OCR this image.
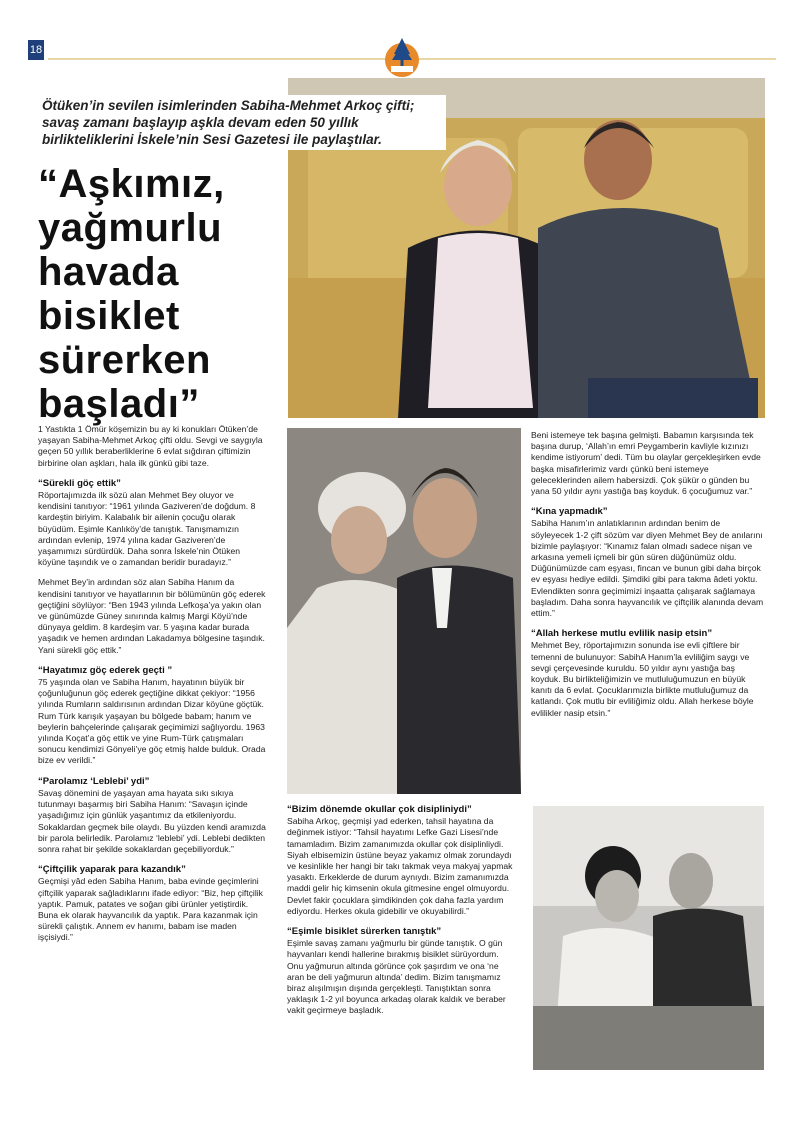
18
Ötüken’in sevilen isimlerinden Sabiha-Mehmet Arkoç çifti; savaş zamanı başlayıp aşkla devam eden 50 yıllık birlikteliklerini İskele’nin Sesi Gazetesi ile paylaştılar.
“Aşkımız, yağmurlu havada bisiklet sürerken başladı”

1 Yastıkta 1 Ömür köşemizin bu ay ki konukları Ötüken’de yaşayan Sabiha-Mehmet Arkoç çifti oldu. Sevgi ve saygıyla geçen 50 yıllık beraberliklerine 6 evlat sığdıran çiftimizin birbirine olan aşkları, hala ilk günkü gibi taze.

“Sürekli göç ettik”

Röportajımızda ilk sözü alan Mehmet Bey oluyor ve kendisini tanıtıyor: “1961 yılında Gaziveren’de doğdum. 8 kardeştin biriyim. Kalabalık bir ailenin çocuğu olarak büyüdüm. Eşimle Kanlıköy’de tanıştık. Tanışmamızın ardından evlenip, 1974 yılına kadar Gaziveren’de yaşamımızı sürdürdük. Daha sonra İskele’nin Ötüken köyüne taşındık ve o zamandan beridir buradayız.”

Mehmet Bey’in ardından söz alan Sabiha Hanım da kendisini tanıtıyor ve hayatlarının bir bölümünün göç ederek geçtiğini söylüyor: “Ben 1943 yılında Lefkoşa’ya yakın olan ve günümüzde Güney sınırında kalmış Margi Köyü’nde dünyaya geldim. 8 kardeşim var. 5 yaşına kadar burada yaşadık ve hemen ardından Lakadamya bölgesine taşındık. Yani sürekli göç ettik.”

“Hayatımız göç ederek geçti ”

75 yaşında olan ve Sabiha Hanım, hayatının büyük bir çoğunluğunun göç ederek geçtiğine dikkat çekiyor: “1956 yılında Rumların saldırısının ardından Dizar köyüne göçtük. Rum Türk karışık yaşayan bu bölgede babam; hanım ve beylerin bahçelerinde çalışarak geçimimizi sağlıyordu. 1963 yılında Koçat’a göç ettik ve yine Rum-Türk çatışmaları sonucu kendimizi Gönyeli’ye göç etmiş halde bulduk. Orada bize ev verildi.”

“Parolamız ‘Leblebi’ ydi”

Savaş dönemini de yaşayan ama hayata sıkı sıkıya tutunmayı başarmış biri Sabiha Hanım: “Savaşın içinde yaşadığımız için günlük yaşantımız da etkileniyordu. Sokaklardan geçmek bile olaydı. Bu yüzden kendi aramızda bir parola belirledik. Parolamız ‘leblebi’ ydi. Leblebi dedikten sonra rahat bir şekilde sokaklardan geçebiliyorduk.”

“Çiftçilik yaparak para kazandık”

Geçmişi yâd eden Sabiha Hanım, baba evinde geçimlerini çiftçilik yaparak sağladıklarını ifade ediyor: “Biz, hep çiftçilik yaptık. Pamuk, patates ve soğan gibi ürünler yetiştirdik. Buna ek olarak hayvancılık da yaptık. Para kazanmak için sürekli çalıştık. Annem ev hanımı, babam ise maden işçisiydi.”

“Bizim dönemde okullar çok disipliniydi”

Sabiha Arkoç, geçmişi yad ederken, tahsil hayatına da değinmek istiyor: “Tahsil hayatımı Lefke Gazi Lisesi’nde tamamladım. Bizim zamanımızda okullar çok disiplinliydi. Siyah elbisemizin üstüne beyaz yakamız olmak zorundaydı ve kesinlikle her hangi bir takı takmak veya makyaj yapmak yasaktı. Erkeklerde de durum aynıydı. Bizim zamanımızda maddi gelir hiç kimsenin okula gitmesine engel olmuyordu. Devlet fakir çocuklara şimdikinden çok daha fazla yardım ediyordu. Herkes okula gidebilir ve okuyabilirdi.”

“Eşimle bisiklet sürerken tanıştık”

Eşimle savaş zamanı yağmurlu bir günde tanıştık. O gün hayvanları kendi hallerine bırakmış bisiklet sürüyordum. Onu yağmurun altında görünce çok şaşırdım ve ona ‘ne aran be deli yağmurun altında’ dedim. Bizim tanışmamız biraz alışılmışın dışında gerçekleşti. Tanıştıktan sonra yaklaşık 1-2 yıl boyunca arkadaş olarak kaldık ve beraber vakit geçirmeye başladık.

Beni istemeye tek başına gelmişti. Babamın karşısında tek başına durup, ‘Allah’ın emri Peygamberin kavliyle kızınızı kendime istiyorum’ dedi. Tüm bu olaylar gerçekleşirken evde başka misafirlerimiz vardı çünkü beni istemeye geleceklerinden ailem habersizdi. Çok şükür o günden bu yana 50 yıldır aynı yastığa baş koyduk. 6 çocuğumuz var.”

“Kına yapmadık”

Sabiha Hanım’ın anlatıklarının ardından benim de söyleyecek 1-2 çift sözüm var diyen Mehmet Bey de anılarını bizimle paylaşıyor: “Kınamız falan olmadı sadece nişan ve arkasına yemeli içmeli bir gün süren düğünümüz oldu. Düğünümüzde cam eşyası, fincan ve bunun gibi daha birçok ev eşyası hediye edildi. Şimdiki gibi para takma âdeti yoktu. Evlendikten sonra geçimimizi inşaatta çalışarak sağlamaya başladım. Daha sonra hayvancılık ve çiftçilik alanında devam ettim.”

“Allah herkese mutlu evlilik nasip etsin”

Mehmet Bey, röportajımızın sonunda ise evli çiftlere bir temenni de bulunuyor: SabihA Hanım’la evliliğim saygı ve sevgi çerçevesinde kuruldu. 50 yıldır aynı yastığa baş koyduk. Bu birlikteliğimizin ve mutluluğumuzun en büyük kanıtı da 6 evlat. Çocuklarımızla birlikte mutluluğumuz da katlandı. Çok mutlu bir evliliğimiz oldu. Allah herkese böyle evlilikler nasip etsin.”
